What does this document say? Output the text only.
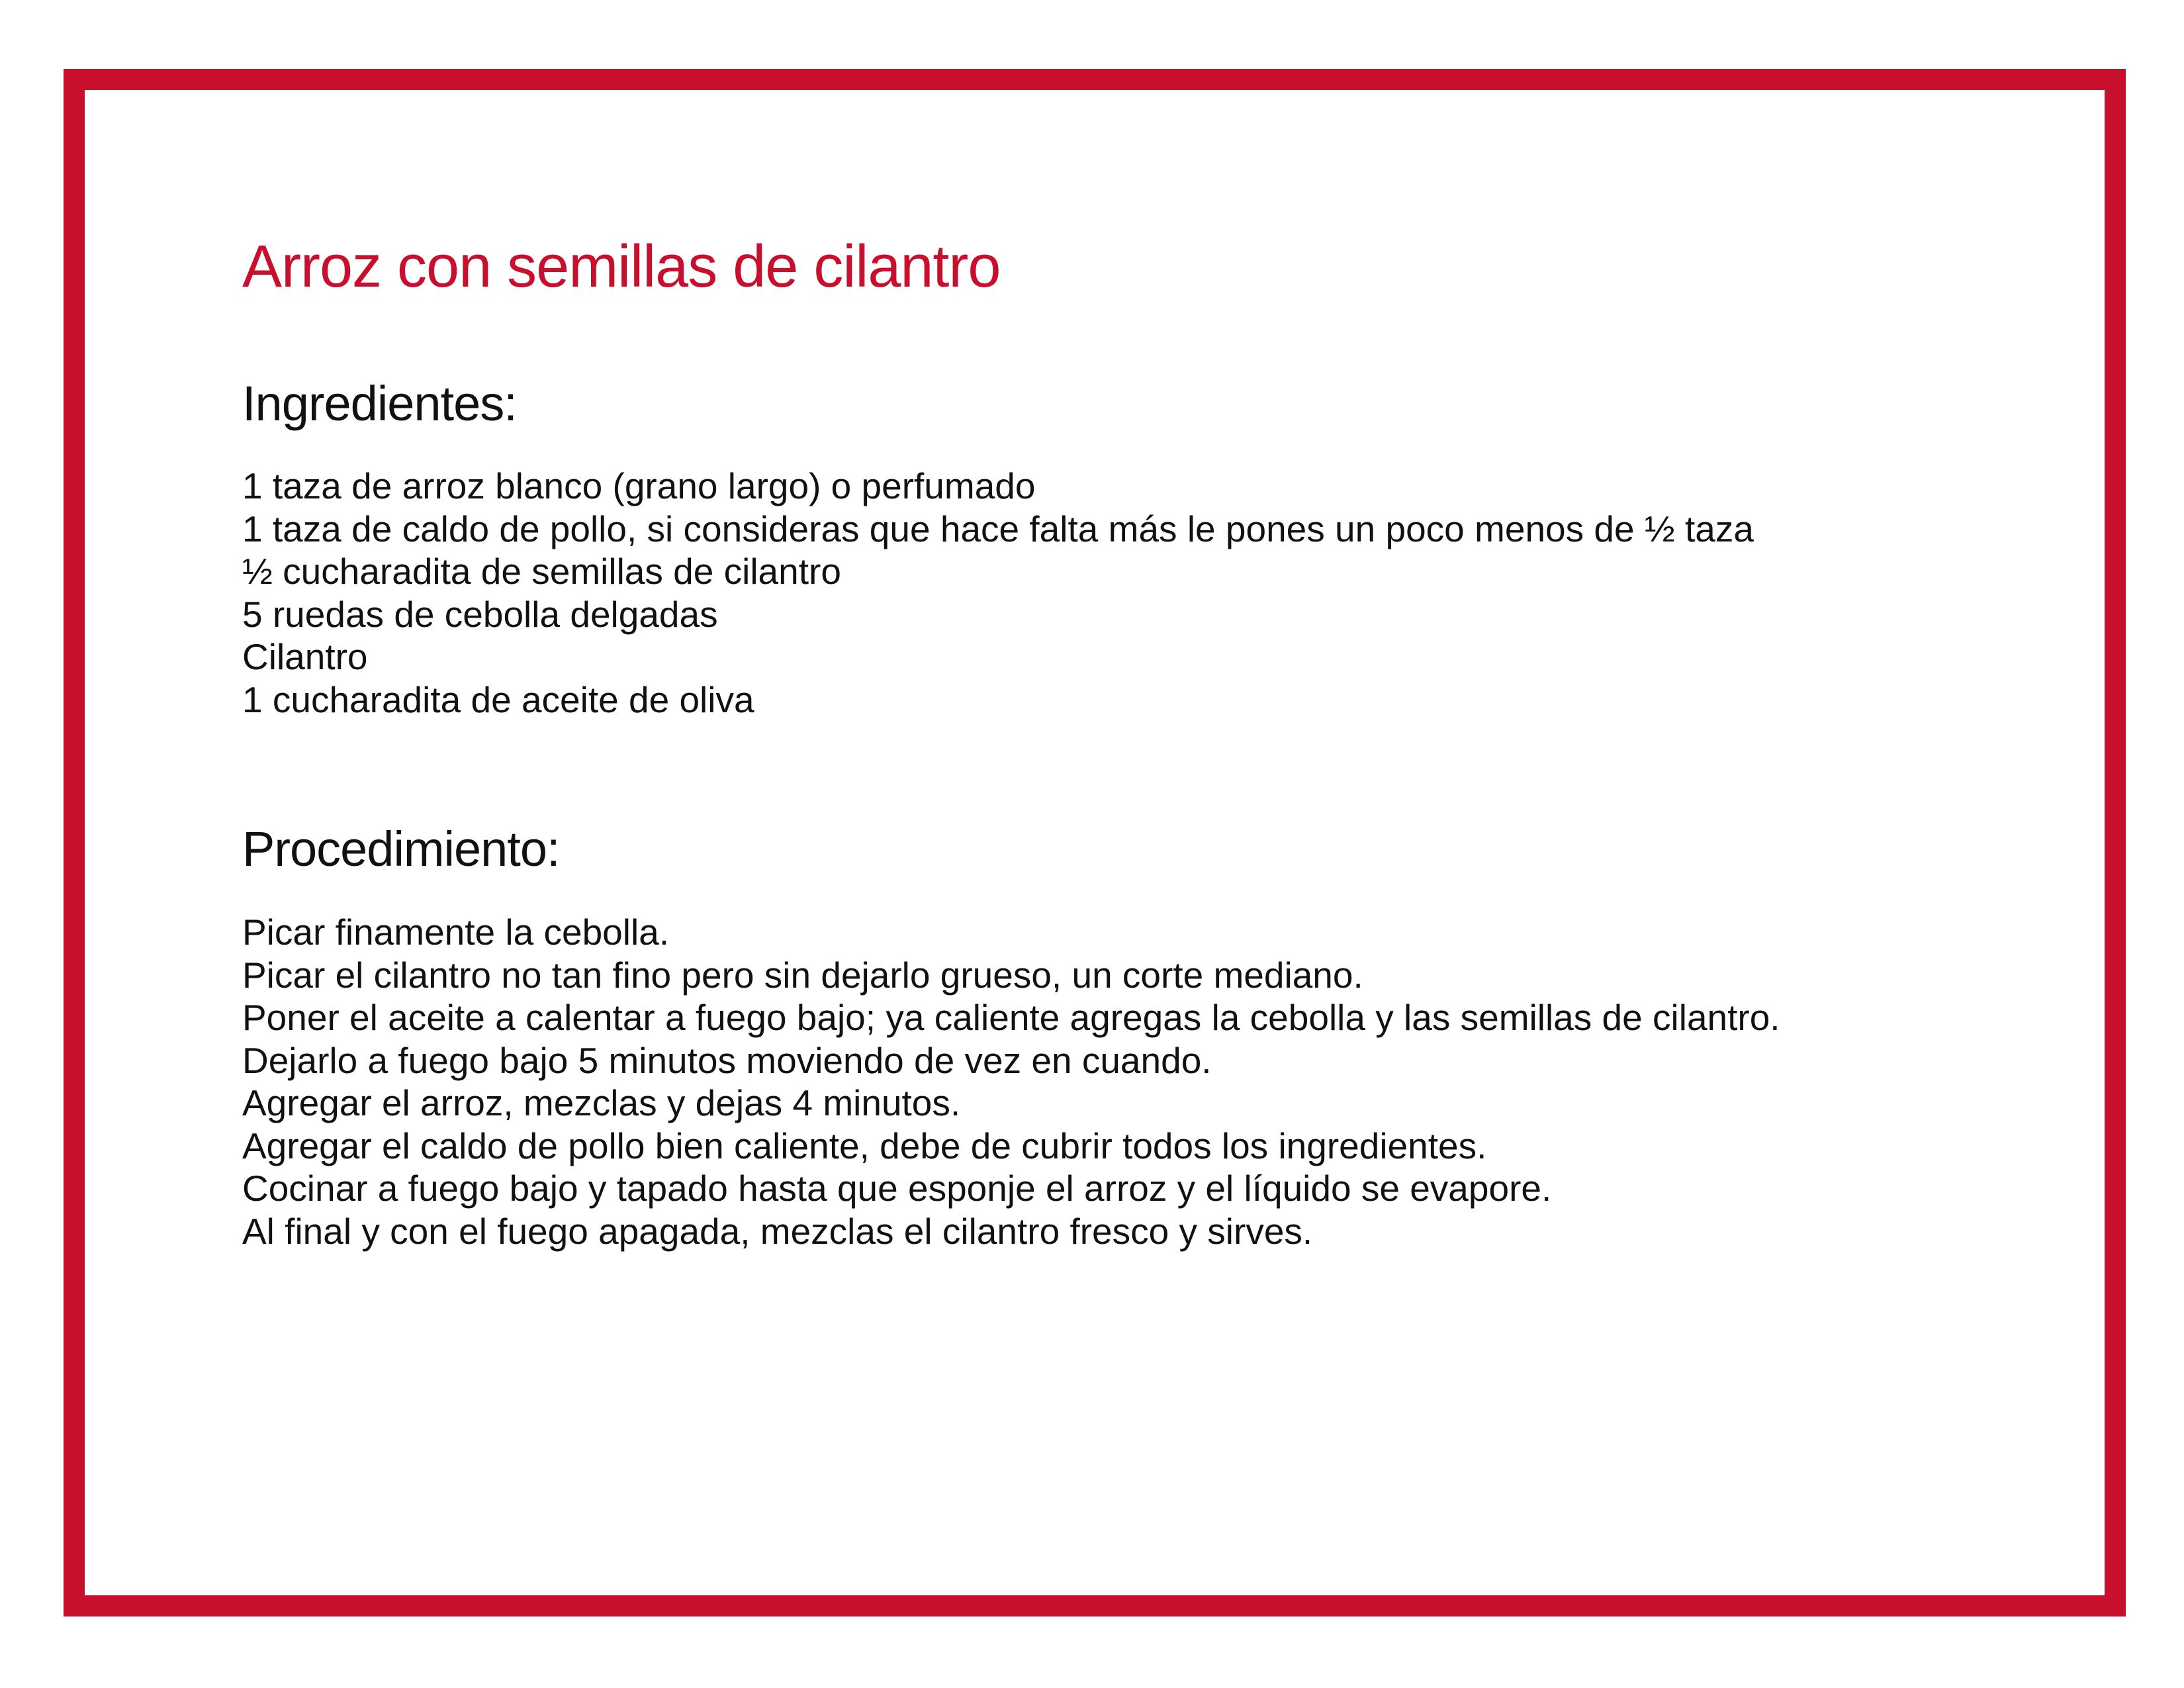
Arroz con semillas de cilantro
Ingredientes:
1 taza de arroz blanco (grano largo) o perfumado
1 taza de caldo de pollo, si consideras que hace falta más le pones un poco menos de ½ taza
½ cucharadita de semillas de cilantro
5 ruedas de cebolla delgadas
Cilantro
1 cucharadita de aceite de oliva
Procedimiento:
Picar finamente la cebolla.
Picar el cilantro no tan fino pero sin dejarlo grueso, un corte mediano.
Poner el aceite a calentar a fuego bajo; ya caliente agregas la cebolla y las semillas de cilantro.
Dejarlo a fuego bajo 5 minutos moviendo de vez en cuando.
Agregar el arroz, mezclas y dejas 4 minutos.
Agregar el caldo de pollo bien caliente, debe de cubrir todos los ingredientes.
Cocinar a fuego bajo y tapado hasta que esponje el arroz y el líquido se evapore.
Al final y con el fuego apagada, mezclas el cilantro fresco y sirves.
